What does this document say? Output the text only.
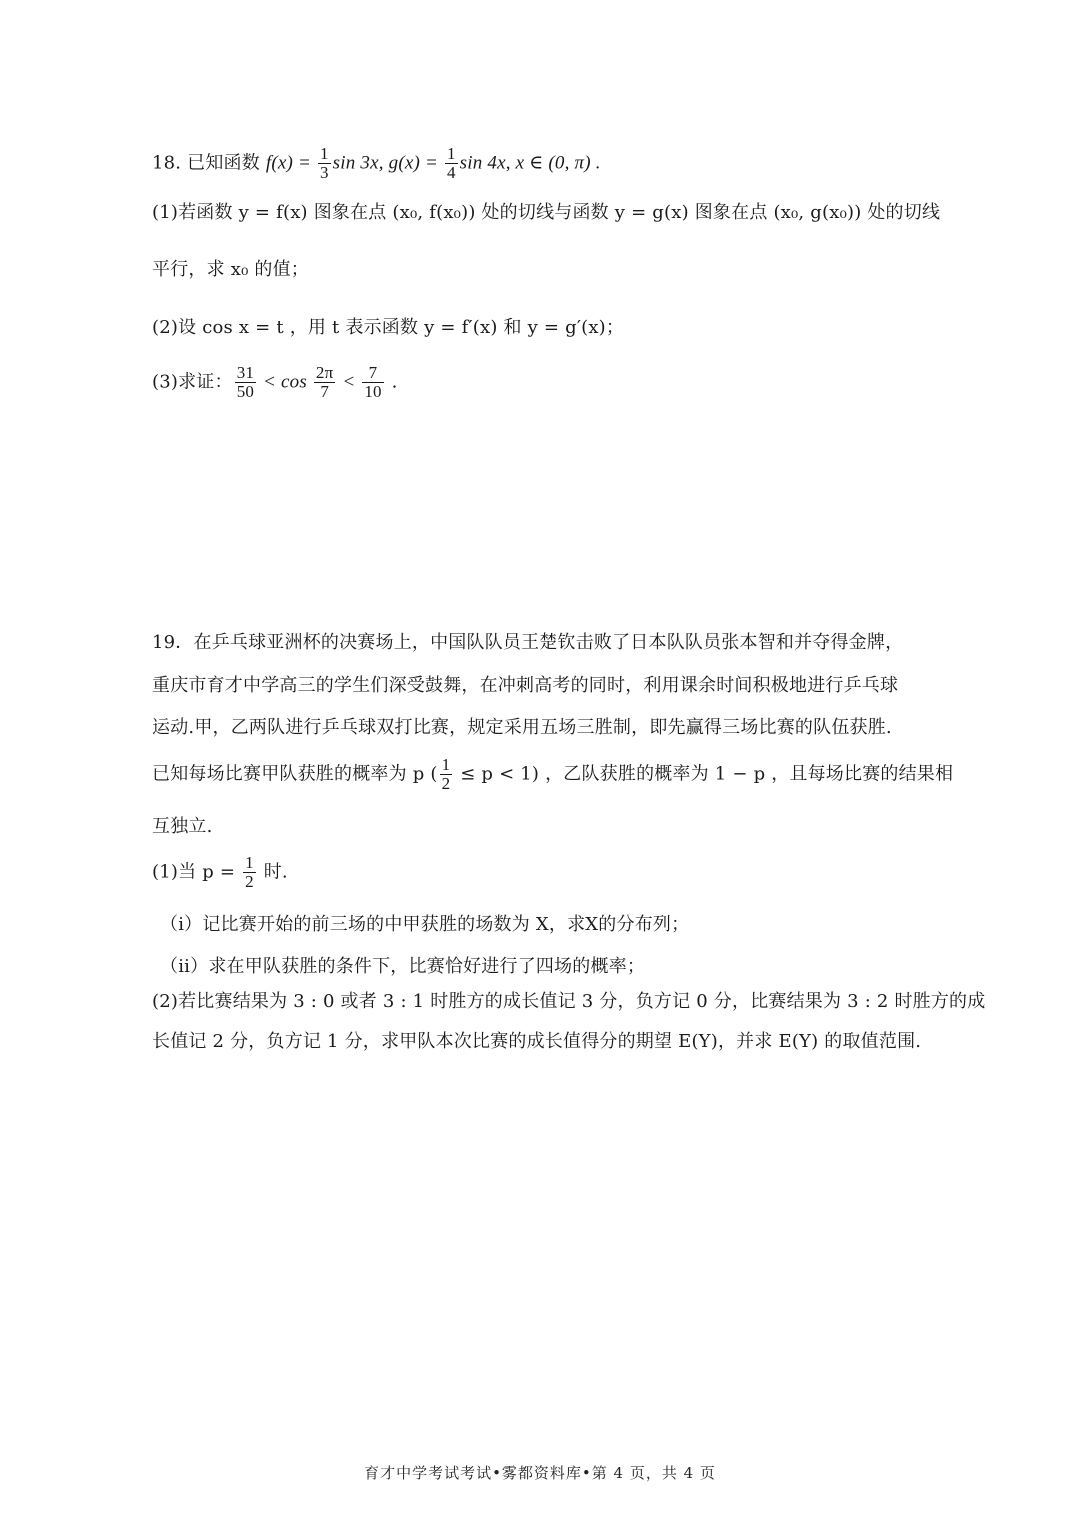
18. 已知函数 $f(x) = \frac{1}{3}$ sin 3x, $g(x) = \frac{1}{4}$ sin 4x, x ∈ (0, π) .
(1)若函数 y = f(x) 图象在点 (x₀, f(x₀)) 处的切线与函数 y = g(x) 图象在点 (x₀, g(x₀)) 处的切线
平行，求 x₀ 的值；
(2)设 cos x = t ，用 t 表示函数 y = f′(x) 和 y = g′(x)；
(3)求证： $\frac{31}{50} < \cos \frac{2\pi}{7} < \frac{7}{10}$ .
19．在乒乓球亚洲杯的决赛场上，中国队队员王楚钦击败了日本队队员张本智和并夺得金牌，
重庆市育才中学高三的学生们深受鼓舞，在冲刺高考的同时，利用课余时间积极地进行乒乓球
运动.甲，乙两队进行乒乓球双打比赛，规定采用五场三胜制，即先赢得三场比赛的队伍获胜.
已知每场比赛甲队获胜的概率为 p ( $\frac{1}{2} \le p < 1$) ，乙队获胜的概率为 1 − p ，且每场比赛的结果相
互独立.
(1)当 $p = \frac{1}{2}$ 时.
（i）记比赛开始的前三场的中甲获胜的场数为 X，求X的分布列；
（ii）求在甲队获胜的条件下，比赛恰好进行了四场的概率；
(2)若比赛结果为 3 : 0 或者 3 : 1 时胜方的成长值记 3 分，负方记 0 分，比赛结果为 3 : 2 时胜方的成
长值记 2 分，负方记 1 分，求甲队本次比赛的成长值得分的期望 E(Y)，并求 E(Y) 的取值范围.
育才中学考试考试•雾都资料库•第 4 页，共 4 页
